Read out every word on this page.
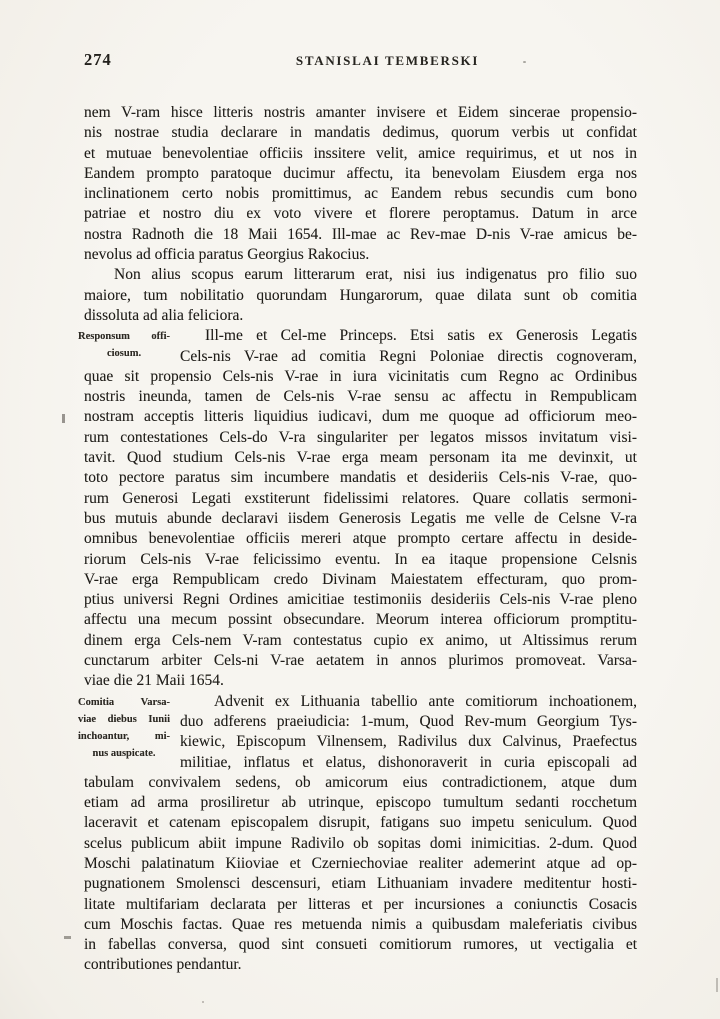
274	STANISLAI TEMBERSKI
nem V-ram hisce litteris nostris amanter invisere et Eidem sincerae propensio-
nis nostrae studia declarare in mandatis dedimus, quorum verbis ut confidat
et mutuae benevolentiae officiis inssitere velit, amice requirimus, et ut nos in
Eandem prompto paratoque ducimur affectu, ita benevolam Eiusdem erga nos
inclinationem certo nobis promittimus, ac Eandem rebus secundis cum bono
patriae et nostro diu ex voto vivere et florere peroptamus. Datum in arce
nostra Radnoth die 18 Maii 1654. Ill-mae ac Rev-mae D-nis V-rae amicus be-
nevolus ad officia paratus Georgius Rakocius.
Non alius scopus earum litterarum erat, nisi ius indigenatus pro filio suo
maiore, tum nobilitatio quorundam Hungarorum, quae dilata sunt ob comitia
dissoluta ad alia feliciora.
Responsum offi-
ciosum.
Ill-me et Cel-me Princeps. Etsi satis ex Generosis Legatis
Cels-nis V-rae ad comitia Regni Poloniae directis cognoveram,
quae sit propensio Cels-nis V-rae in iura vicinitatis cum Regno ac Ordinibus
nostris ineunda, tamen de Cels-nis V-rae sensu ac affectu in Rempublicam
nostram acceptis litteris liquidius iudicavi, dum me quoque ad officiorum meo-
rum contestationes Cels-do V-ra singulariter per legatos missos invitatum visi-
tavit. Quod studium Cels-nis V-rae erga meam personam ita me devinxit, ut
toto pectore paratus sim incumbere mandatis et desideriis Cels-nis V-rae, quo-
rum Generosi Legati exstiterunt fidelissimi relatores. Quare collatis sermoni-
bus mutuis abunde declaravi iisdem Generosis Legatis me velle de Celsne V-ra
omnibus benevolentiae officiis mereri atque prompto certare affectu in deside-
riorum Cels-nis V-rae felicissimo eventu. In ea itaque propensione Celsnis
V-rae erga Rempublicam credo Divinam Maiestatem effecturam, quo prom-
ptius universi Regni Ordines amicitiae testimoniis desideriis Cels-nis V-rae pleno
affectu una mecum possint obsecundare. Meorum interea officiorum promptitu-
dinem erga Cels-nem V-ram contestatus cupio ex animo, ut Altissimus rerum
cunctarum arbiter Cels-ni V-rae aetatem in annos plurimos promoveat. Varsa-
viae die 21 Maii 1654.
Comitia Varsa-
viae diebus Iunii
inchoantur, mi-
nus auspicate.
Advenit ex Lithuania tabellio ante comitiorum inchoationem,
duo adferens praeiudicia: 1-mum, Quod Rev-mum Georgium Tys-
kiewic, Episcopum Vilnensem, Radivilus dux Calvinus, Praefectus
militiae, inflatus et elatus, dishonoraverit in curia episcopali ad
tabulam convivalem sedens, ob amicorum eius contradictionem, atque dum
etiam ad arma prosiliretur ab utrinque, episcopo tumultum sedanti rocchetum
laceravit et catenam episcopalem disrupit, fatigans suo impetu seniculum. Quod
scelus publicum abiit impune Radivilo ob sopitas domi inimicitias. 2-dum. Quod
Moschi palatinatum Kiioviae et Czerniechoviae realiter ademerint atque ad op-
pugnationem Smolensci descensuri, etiam Lithuaniam invadere meditentur hosti-
litate multifariam declarata per litteras et per incursiones a coniunctis Cosacis
cum Moschis factas. Quae res metuenda nimis a quibusdam maleferiatis civibus
in fabellas conversa, quod sint consueti comitiorum rumores, ut vectigalia et
contributiones pendantur.
